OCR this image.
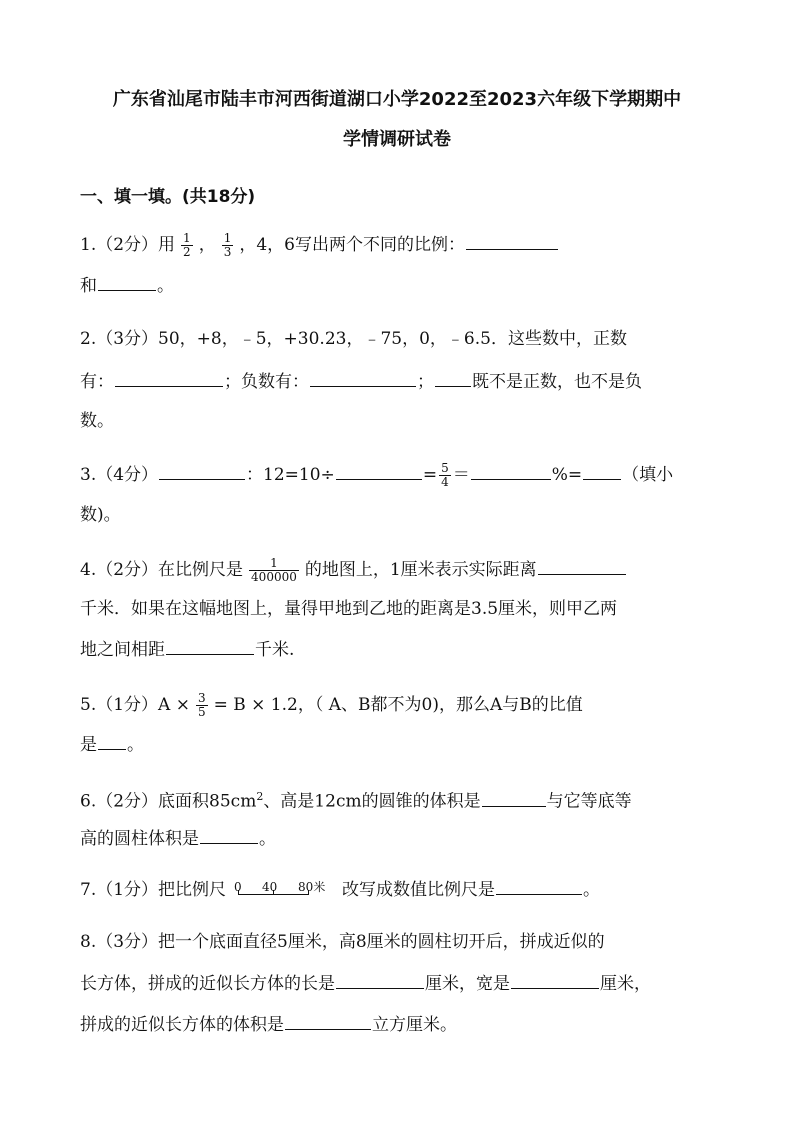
广东省汕尾市陆丰市河西街道湖口小学2022至2023六年级下学期期中
学情调研试卷
一、填一填。(共18分)
1.（2分）用 $\frac{1}{2}$ ， $\frac{1}{3}$ ，4，6写出两个不同的比例：
和	。
2.（3分）50，+8，﹣5，+30.23，﹣75，0，﹣6.5．这些数中，正数
有：	；负数有：	； 既不是正数，也不是负
数。
3.（4分）	：12=10÷	= $\frac{5}{4}$ ＝	%= （填小
数)。
4.（2分）在比例尺是 $\frac{1}{400000}$ 的地图上，1厘米表示实际距离
千米．如果在这幅地图上，量得甲地到乙地的距离是3.5厘米，则甲乙两
地之间相距	千米.
5.（1分）$A \times \frac{3}{5} = B \times 1.2$，（ A、B都不为0)，那么A与B的比值
是 。
6.（2分）底面积$85cm^2$、高是12cm的圆锥的体积是	与它等底等
高的圆柱体积是	。
7.（1分）把比例尺 0 40 80米 改写成数值比例尺是	。
8.（3分）把一个底面直径5厘米，高8厘米的圆柱切开后，拼成近似的
长方体，拼成的近似长方体的长是	厘米，宽是	厘米，
拼成的近似长方体的体积是	立方厘米。
